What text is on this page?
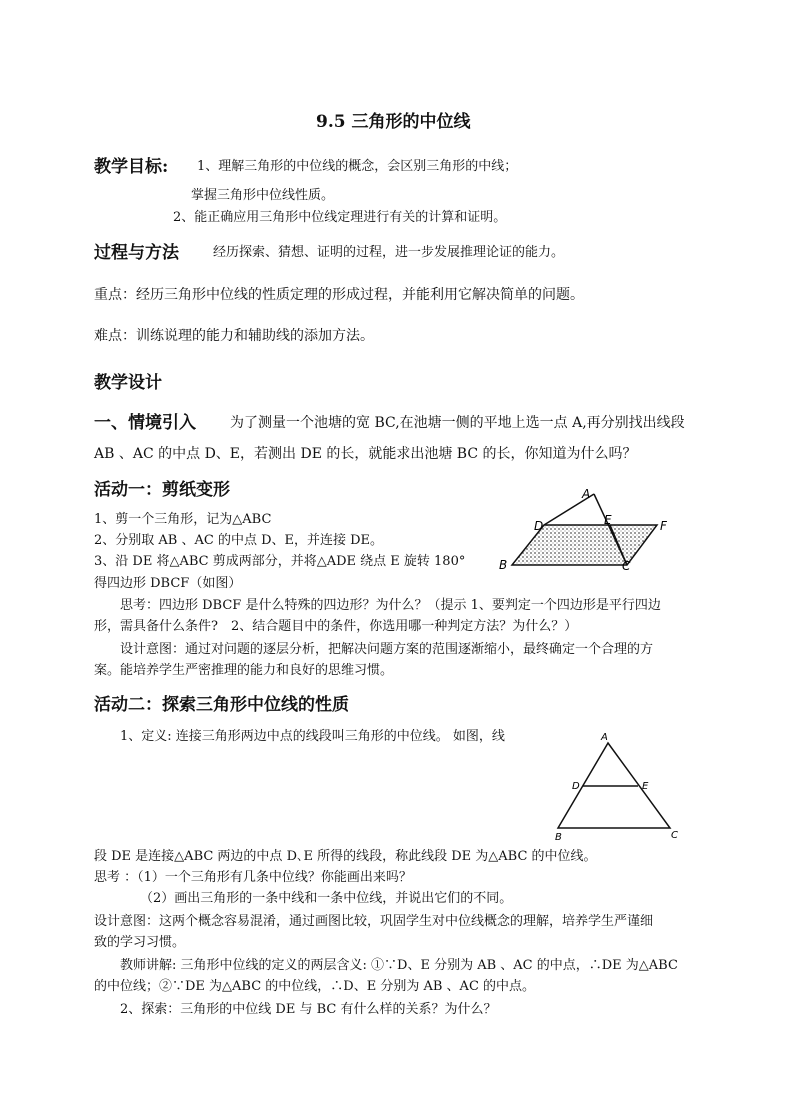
9.5 三角形的中位线
教学目标: 1、理解三角形的中位线的概念，会区别三角形的中线；
掌握三角形中位线性质。
2、能正确应用三角形中位线定理进行有关的计算和证明。
过程与方法	经历探索、猜想、证明的过程，进一步发展推理论证的能力。
重点：经历三角形中位线的性质定理的形成过程，并能利用它解决简单的问题。
难点：训练说理的能力和辅助线的添加方法。
教学设计
一、情境引入 为了测量一个池塘的宽 BC,在池塘一侧的平地上选一点 A,再分别找出线段
AB 、AC 的中点 D、E，若测出 DE 的长，就能求出池塘 BC 的长，你知道为什么吗？
活动一：剪纸变形
1、剪一个三角形，记为△ABC
2、分别取 AB 、AC 的中点 D、E，并连接 DE。
3、沿 DE 将△ABC 剪成两部分，并将△ADE 绕点 E 旋转 180°
得四边形 DBCF（如图）
A
D	E	F
B	C
思考：四边形 DBCF 是什么特殊的四边形？为什么？（提示 1、要判定一个四边形是平行四边
形，需具备什么条件?　2、结合题目中的条件，你选用哪一种判定方法？为什么？）
设计意图：通过对问题的逐层分析，把解决问题方案的范围逐渐缩小，最终确定一个合理的方
案。能培养学生严密推理的能力和良好的思维习惯。
活动二：探索三角形中位线的性质
1、定义: 连接三角形两边中点的线段叫三角形的中位线。 如图，线	A
D	E
B	C
段 DE 是连接△ABC 两边的中点 D､E 所得的线段，称此线段 DE 为△ABC 的中位线。
思考 ：（1）一个三角形有几条中位线？你能画出来吗？
（2）画出三角形的一条中线和一条中位线，并说出它们的不同。
设计意图：这两个概念容易混淆，通过画图比较，巩固学生对中位线概念的理解，培养学生严谨细
致的学习习惯。
教师讲解: 三角形中位线的定义的两层含义: ①∵D、E 分别为 AB 、AC 的中点，∴DE 为△ABC
的中位线；②∵DE 为△ABC 的中位线，∴D、E 分别为 AB 、AC 的中点。
2、探索：三角形的中位线 DE 与 BC 有什么样的关系？为什么？
